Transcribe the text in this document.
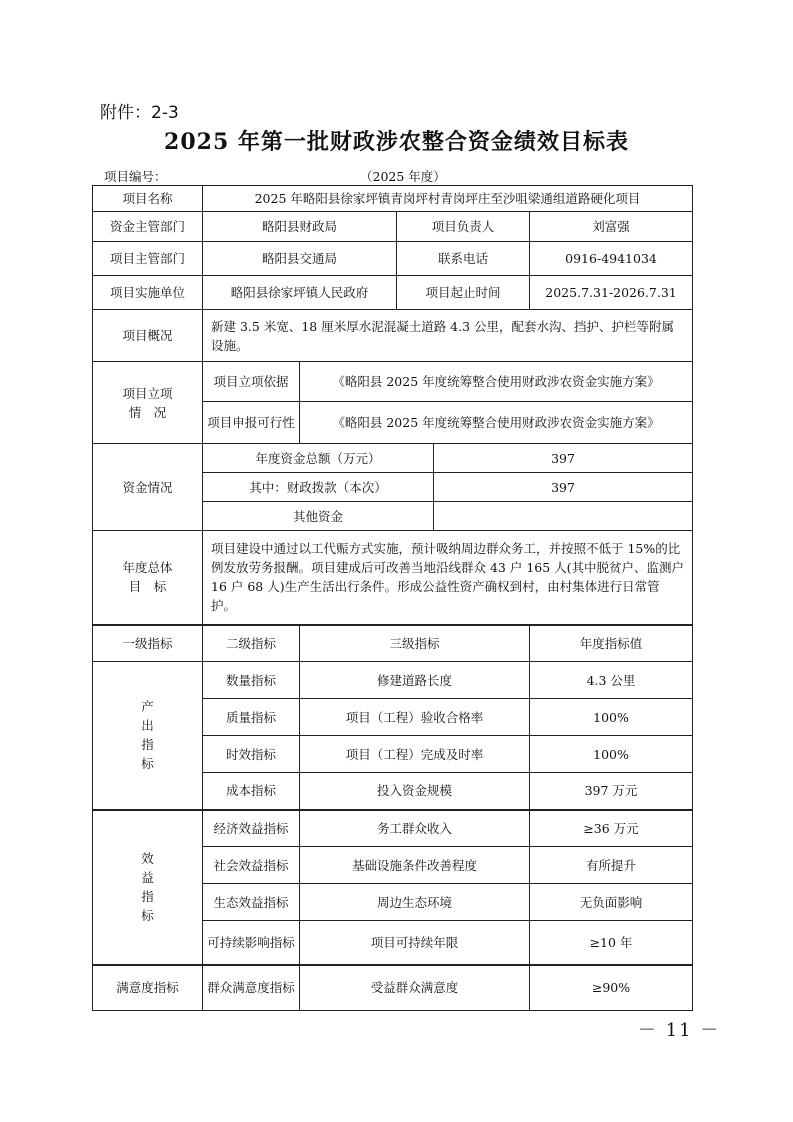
附件：2-3
2025 年第一批财政涉农整合资金绩效目标表
项目编号：	（2025 年度）
项目名称	2025 年略阳县徐家坪镇青岗坪村青岗坪庄至沙咀梁通组道路硬化项目				
资金主管部门	略阳县财政局		项目负责人		刘富强
项目主管部门	略阳县交通局		联系电话		0916-4941034
项目实施单位	略阳县徐家坪镇人民政府		项目起止时间		2025.7.31-2026.7.31
项目概况	新建 3.5 米宽、18 厘米厚水泥混凝土道路 4.3 公里，配套水沟、挡护、护栏等附属设施。				

项目立项
情　况	项目立项依据	《略阳县 2025 年度统筹整合使用财政涉农资金实施方案》			
	项目申报可行性	《略阳县 2025 年度统筹整合使用财政涉农资金实施方案》			
资金情况	年度资金总额（万元）			397	
	其中：财政拨款（本次）			397	
	其他资金				

年度总体
目　标	项目建设中通过以工代赈方式实施，预计吸纳周边群众务工，并按照不低于 15%的比例发放劳务报酬。项目建成后可改善当地沿线群众 43 户 165 人(其中脱贫户、监测户 16 户 68 人)生产生活出行条件。形成公益性资产确权到村，由村集体进行日常管护。				
一级指标	二级指标	三级指标			年度指标值

产
出
指
标	数量指标	修建道路长度			4.3 公里
	质量指标	项目（工程）验收合格率			100%
	时效指标	项目（工程）完成及时率			100%
	成本指标	投入资金规模			397 万元

效
益
指
标	经济效益指标	务工群众收入			≥36 万元
	社会效益指标	基础设施条件改善程度			有所提升
	生态效益指标	周边生态环境			无负面影响
	可持续影响指标	项目可持续年限			≥10 年
满意度指标	群众满意度指标	受益群众满意度			≥90%
－ 11 －
